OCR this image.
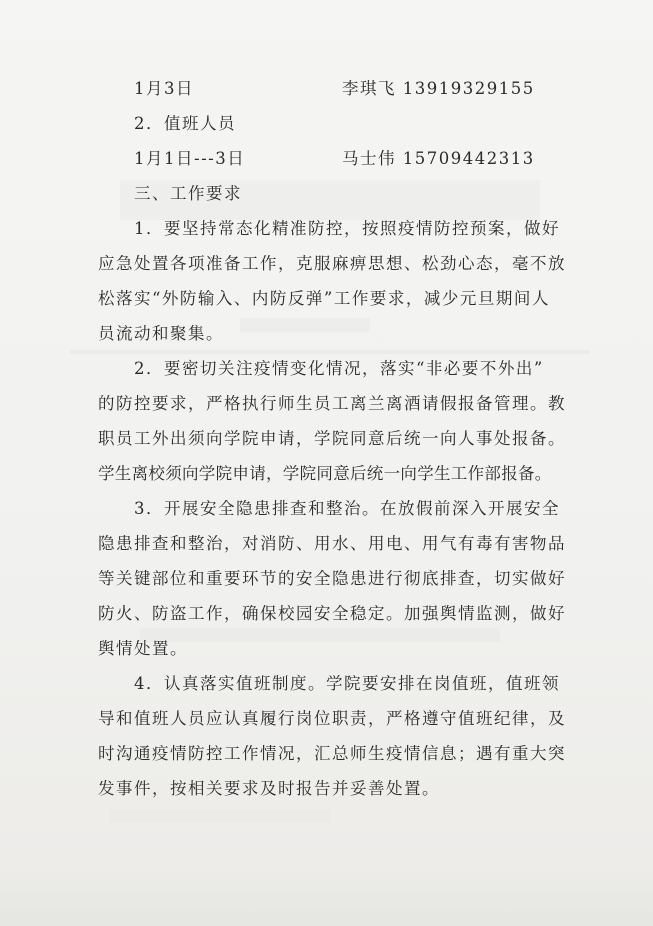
1月3日	李琪飞 13919329155
2．值班人员
1月1日---3日	马士伟 15709442313
三、工作要求
1．要坚持常态化精准防控，按照疫情防控预案，做好
应急处置各项准备工作，克服麻痹思想、松劲心态，毫不放
松落实“外防输入、内防反弹”工作要求，减少元旦期间人
员流动和聚集。
2．要密切关注疫情变化情况，落实“非必要不外出”
的防控要求，严格执行师生员工离兰离酒请假报备管理。教
职员工外出须向学院申请，学院同意后统一向人事处报备。
学生离校须向学院申请，学院同意后统一向学生工作部报备。
3．开展安全隐患排查和整治。在放假前深入开展安全
隐患排查和整治，对消防、用水、用电、用气有毒有害物品
等关键部位和重要环节的安全隐患进行彻底排查，切实做好
防火、防盗工作，确保校园安全稳定。加强舆情监测，做好
舆情处置。
4．认真落实值班制度。学院要安排在岗值班，值班领
导和值班人员应认真履行岗位职责，严格遵守值班纪律，及
时沟通疫情防控工作情况，汇总师生疫情信息；遇有重大突
发事件，按相关要求及时报告并妥善处置。
